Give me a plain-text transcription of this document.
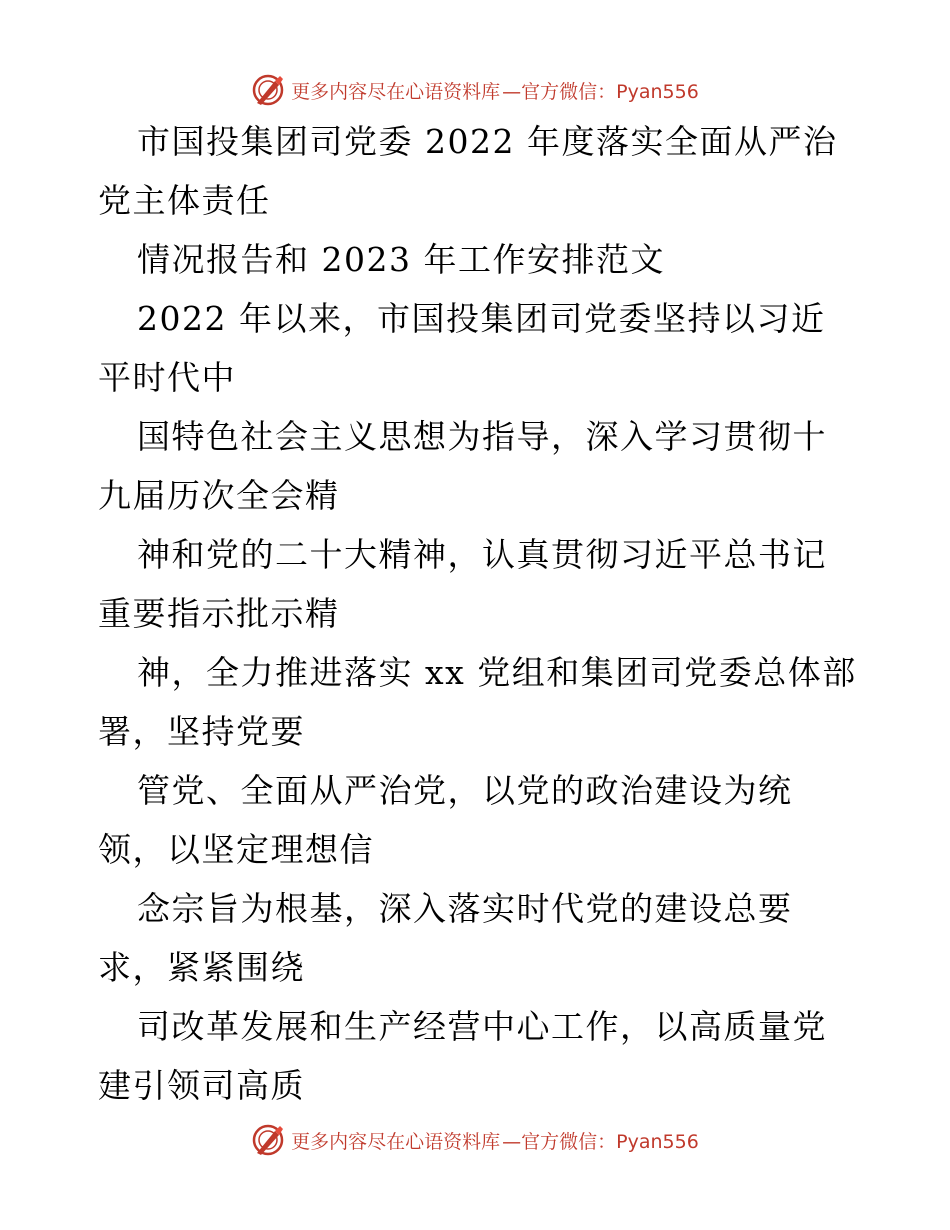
更多内容尽在心语资料库 —官方微信：Pyan556

市国投集团司党委 2022 年度落实全面从严治党主体责任

情况报告和 2023 年工作安排范文

2022 年以来，市国投集团司党委坚持以习近平时代中

国特色社会主义思想为指导，深入学习贯彻十九届历次全会精

神和党的二十大精神，认真贯彻习近平总书记重要指示批示精

神，全力推进落实 xx 党组和集团司党委总体部署，坚持党要

管党、全面从严治党，以党的政治建设为统领，以坚定理想信

念宗旨为根基，深入落实时代党的建设总要求，紧紧围绕

司改革发展和生产经营中心工作，以高质量党建引领司高质

更多内容尽在心语资料库 —官方微信：Pyan556
